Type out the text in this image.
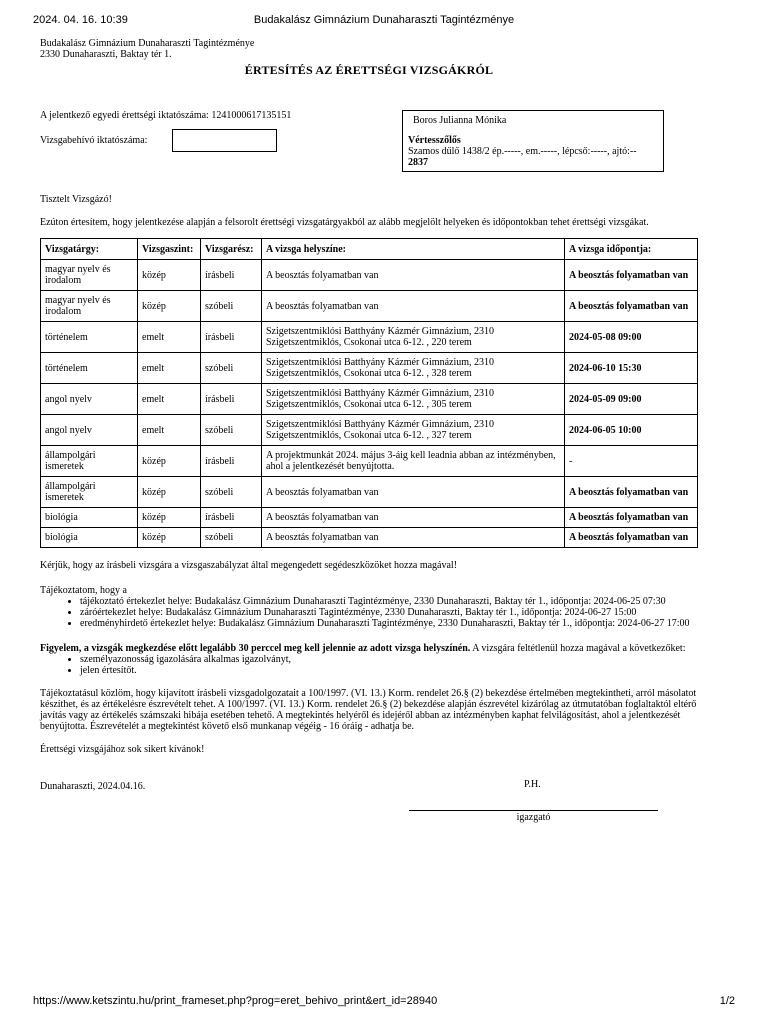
2024. 04. 16. 10:39	Budakalász Gimnázium Dunaharaszti Tagintézménye
Budakalász Gimnázium Dunaharaszti Tagintézménye
2330 Dunaharaszti, Baktay tér 1.
ÉRTESÍTÉS AZ ÉRETTSÉGI VIZSGÁKRÓL
A jelentkező egyedi érettségi iktatószáma: 1241000617135151
Vizsgabehívó iktatószáma:
Boros Julianna Mónika
Vértesszőlős
Szamos dűlő 1438/2 ép.-----, em.-----, lépcső:-----, ajtó:--
2837

Tisztelt Vizsgázó!

Ezúton értesítem, hogy jelentkezése alapján a felsorolt érettségi vizsgatárgyakból az alább megjelölt helyeken és időpontokban tehet érettségi vizsgákat.

Vizsgatárgy:	Vizsgaszint:	Vizsgarész:	A vizsga helyszíne:	A vizsga időpontja:
magyar nyelv és irodalom	közép	írásbeli	A beosztás folyamatban van	A beosztás folyamatban van
magyar nyelv és irodalom	közép	szóbeli	A beosztás folyamatban van	A beosztás folyamatban van
történelem	emelt	írásbeli	Szigetszentmiklósi Batthyány Kázmér Gimnázium, 2310 Szigetszentmiklós, Csokonai utca 6-12. , 220 terem	2024-05-08 09:00
történelem	emelt	szóbeli	Szigetszentmiklósi Batthyány Kázmér Gimnázium, 2310 Szigetszentmiklós, Csokonai utca 6-12. , 328 terem	2024-06-10 15:30
angol nyelv	emelt	írásbeli	Szigetszentmiklósi Batthyány Kázmér Gimnázium, 2310 Szigetszentmiklós, Csokonai utca 6-12. , 305 terem	2024-05-09 09:00
angol nyelv	emelt	szóbeli	Szigetszentmiklósi Batthyány Kázmér Gimnázium, 2310 Szigetszentmiklós, Csokonai utca 6-12. , 327 terem	2024-06-05 10:00
állampolgári ismeretek	közép	írásbeli	A projektmunkát 2024. május 3-áig kell leadnia abban az intézményben, ahol a jelentkezését benyújtotta.	-
állampolgári ismeretek	közép	szóbeli	A beosztás folyamatban van	A beosztás folyamatban van
biológia	közép	írásbeli	A beosztás folyamatban van	A beosztás folyamatban van
biológia	közép	szóbeli	A beosztás folyamatban van	A beosztás folyamatban van

Kérjük, hogy az írásbeli vizsgára a vizsgaszabályzat által megengedett segédeszközöket hozza magával!

Tájékoztatom, hogy a

• tájékoztató értekezlet helye: Budakalász Gimnázium Dunaharaszti Tagintézménye, 2330 Dunaharaszti, Baktay tér 1., időpontja: 2024-06-25 07:30
• záróértekezlet helye: Budakalász Gimnázium Dunaharaszti Tagintézménye, 2330 Dunaharaszti, Baktay tér 1., időpontja: 2024-06-27 15:00
• eredményhirdető értekezlet helye: Budakalász Gimnázium Dunaharaszti Tagintézménye, 2330 Dunaharaszti, Baktay tér 1., időpontja: 2024-06-27 17:00

Figyelem, a vizsgák megkezdése előtt legalább 30 perccel meg kell jelennie az adott vizsga helyszínén. A vizsgára feltétlenül hozza magával a következőket:

• személyazonosság igazolására alkalmas igazolványt,
• jelen értesítőt.

Tájékoztatásul közlöm, hogy kijavított írásbeli vizsgadolgozatait a 100/1997. (VI. 13.) Korm. rendelet 26.§ (2) bekezdése értelmében megtekintheti, arról másolatot készíthet, és az értékelésre észrevételt tehet. A 100/1997. (VI. 13.) Korm. rendelet 26.§ (2) bekezdése alapján észrevétel kizárólag az útmutatóban foglaltaktól eltérő javítás vagy az értékelés számszaki hibája esetében tehető. A megtekintés helyéről és idejéről abban az intézményben kaphat felvilágosítást, ahol a jelentkezését benyújtotta. Észrevételét a megtekintést követő első munkanap végéig - 16 óráig - adhatja be.

Érettségi vizsgájához sok sikert kívánok!

Dunaharaszti, 2024.04.16.	P.H.
igazgató
https://www.ketszintu.hu/print_frameset.php?prog=eret_behivo_print&ert_id=28940	1/2
